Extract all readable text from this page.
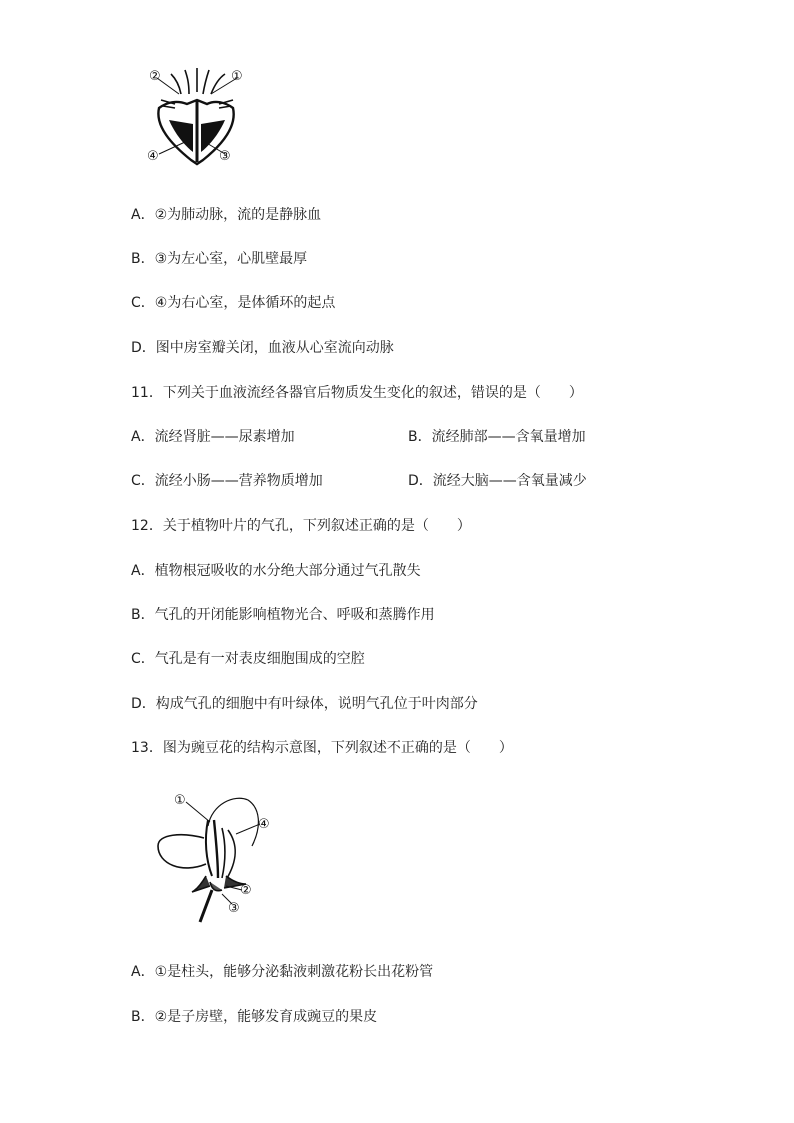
②	①
④	③
A．②为肺动脉，流的是静脉血
B．③为左心室，心肌壁最厚
C．④为右心室，是体循环的起点
D．图中房室瓣关闭，血液从心室流向动脉
11．下列关于血液流经各器官后物质发生变化的叙述，错误的是（　　）
A．流经肾脏——尿素增加	B．流经肺部——含氧量增加
C．流经小肠——营养物质增加	D．流经大脑——含氧量减少
12．关于植物叶片的气孔，下列叙述正确的是（　　）
A．植物根冠吸收的水分绝大部分通过气孔散失
B．气孔的开闭能影响植物光合、呼吸和蒸腾作用
C．气孔是有一对表皮细胞围成的空腔
D．构成气孔的细胞中有叶绿体，说明气孔位于叶肉部分
13．图为豌豆花的结构示意图，下列叙述不正确的是（　　）
①
④
②
③
A．①是柱头，能够分泌黏液刺激花粉长出花粉管
B．②是子房壁，能够发育成豌豆的果皮
